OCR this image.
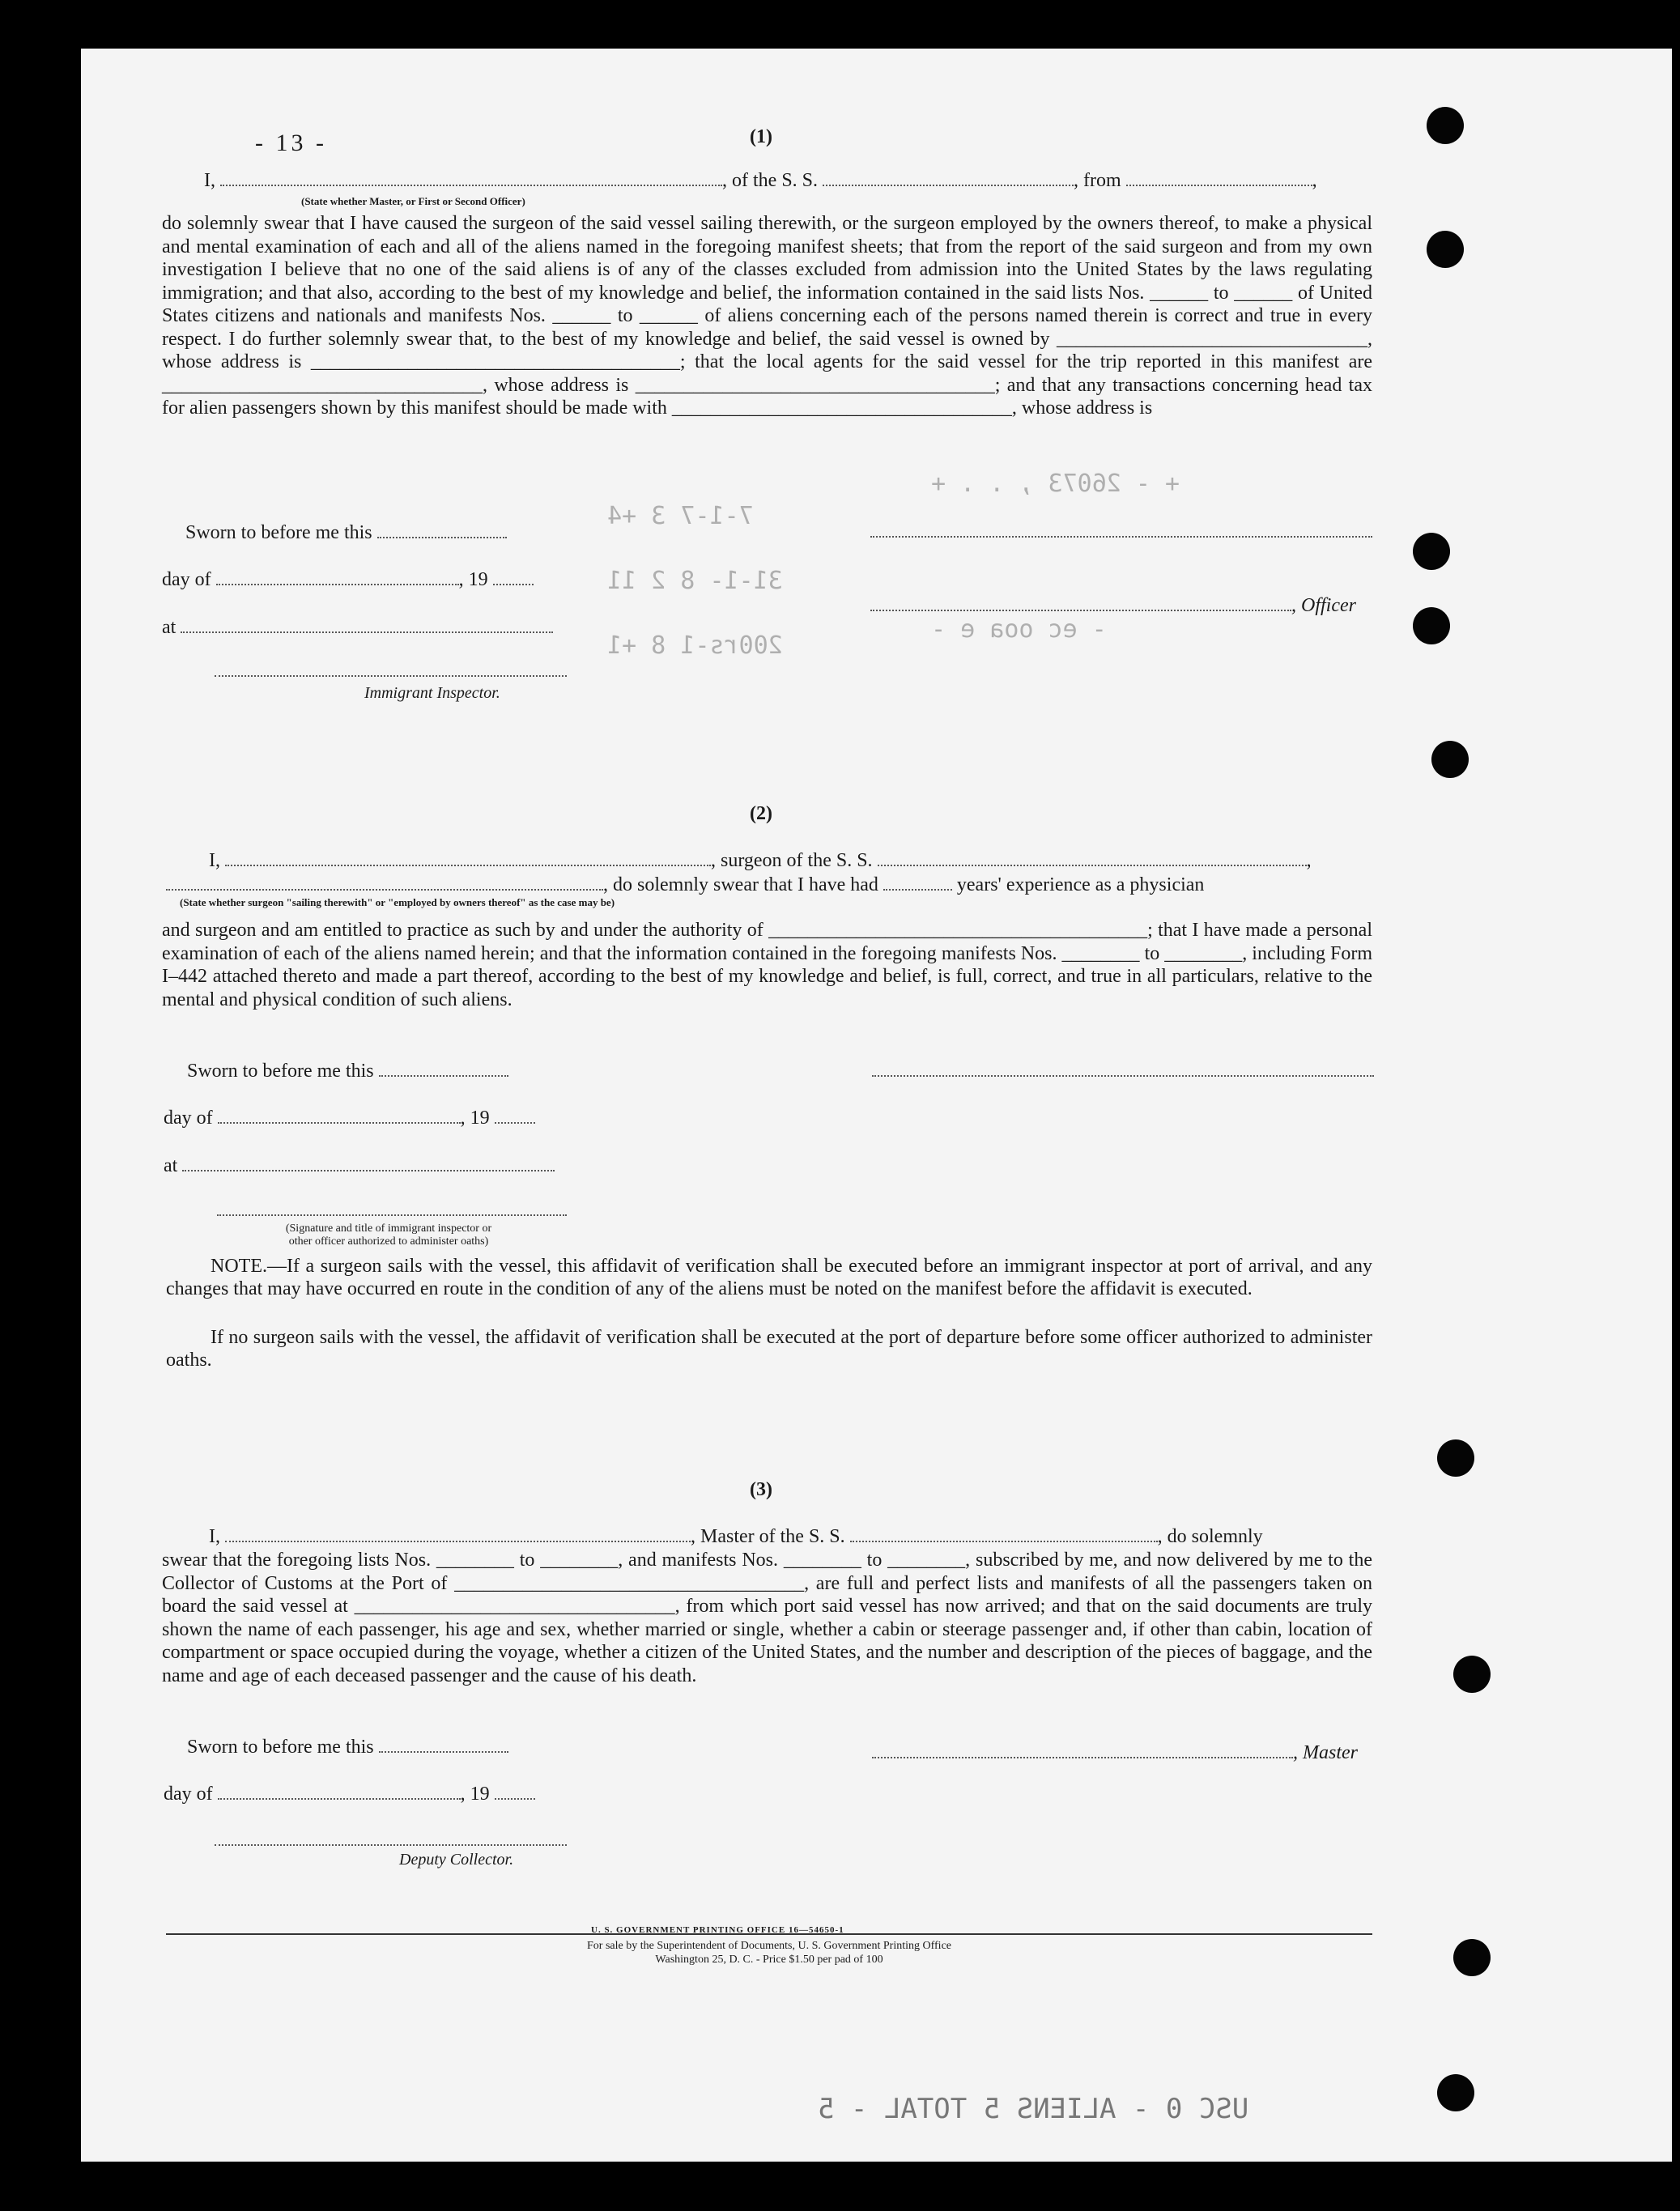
+ - 26073 , . . +
7-1-7 3 +4
31-1- 8 2 11
- ec ooa e -
200rs-1 8 +1
- 13 -	(1)
I,	, of the S. S.	, from	,
(State whether Master, or First or Second Officer)
do solemnly swear that I have caused the surgeon of the said vessel sailing therewith, or the surgeon employed by the owners thereof, to make a physical and mental examination of each and all of the aliens named in the foregoing manifest sheets; that from the report of the said surgeon and from my own investigation I believe that no one of the said aliens is of any of the classes excluded from admission into the United States by the laws regulating immigration; and that also, according to the best of my knowledge and belief, the information contained in the said lists Nos. ______ to ______ of United States citizens and nationals and manifests Nos. ______ to ______ of aliens concerning each of the persons named therein is correct and true in every respect. I do further solemnly swear that, to the best of my knowledge and belief, the said vessel is owned by ________________________________, whose address is ______________________________________; that the local agents for the said vessel for the trip reported in this manifest are _________________________________, whose address is _____________________________________; and that any transactions concerning head tax for alien passengers shown by this manifest should be made with ___________________________________, whose address is
Sworn to before me this
day of	, 19
at
, Officer
Immigrant Inspector.
(2)
I,	, surgeon of the S. S.	,
, do solemnly swear that I have had	years' experience as a physician
(State whether surgeon "sailing therewith" or "employed by owners thereof" as the case may be)
and surgeon and am entitled to practice as such by and under the authority of _______________________________________; that I have made a personal examination of each of the aliens named herein; and that the information contained in the foregoing manifests Nos. ________ to ________, including Form I–442 attached thereto and made a part thereof, according to the best of my knowledge and belief, is full, correct, and true in all particulars, relative to the mental and physical condition of such aliens.
Sworn to before me this
day of	, 19
at
(Signature and title of immigrant inspector or
other officer authorized to administer oaths)
NOTE.—If a surgeon sails with the vessel, this affidavit of verification shall be executed before an immigrant inspector at port of arrival, and any changes that may have occurred en route in the condition of any of the aliens must be noted on the manifest before the affidavit is executed.
If no surgeon sails with the vessel, the affidavit of verification shall be executed at the port of departure before some officer authorized to administer oaths.
(3)
I,	, Master of the S. S.	, do solemnly
swear that the foregoing lists Nos. ________ to ________, and manifests Nos. ________ to ________, subscribed by me, and now delivered by me to the Collector of Customs at the Port of ____________________________________, are full and perfect lists and manifests of all the passengers taken on board the said vessel at _________________________________, from which port said vessel has now arrived; and that on the said documents are truly shown the name of each passenger, his age and sex, whether married or single, whether a cabin or steerage passenger and, if other than cabin, location of compartment or space occupied during the voyage, whether a citizen of the United States, and the number and description of the pieces of baggage, and the name and age of each deceased passenger and the cause of his death.
Sworn to before me this	, Master
day of	, 19
Deputy Collector.
U. S. GOVERNMENT PRINTING OFFICE 16—54650-1
For sale by the Superintendent of Documents, U. S. Government Printing Office
Washington 25, D. C. - Price $1.50 per pad of 100
USC 0 - ALIENS 5 TOTAL - 5
